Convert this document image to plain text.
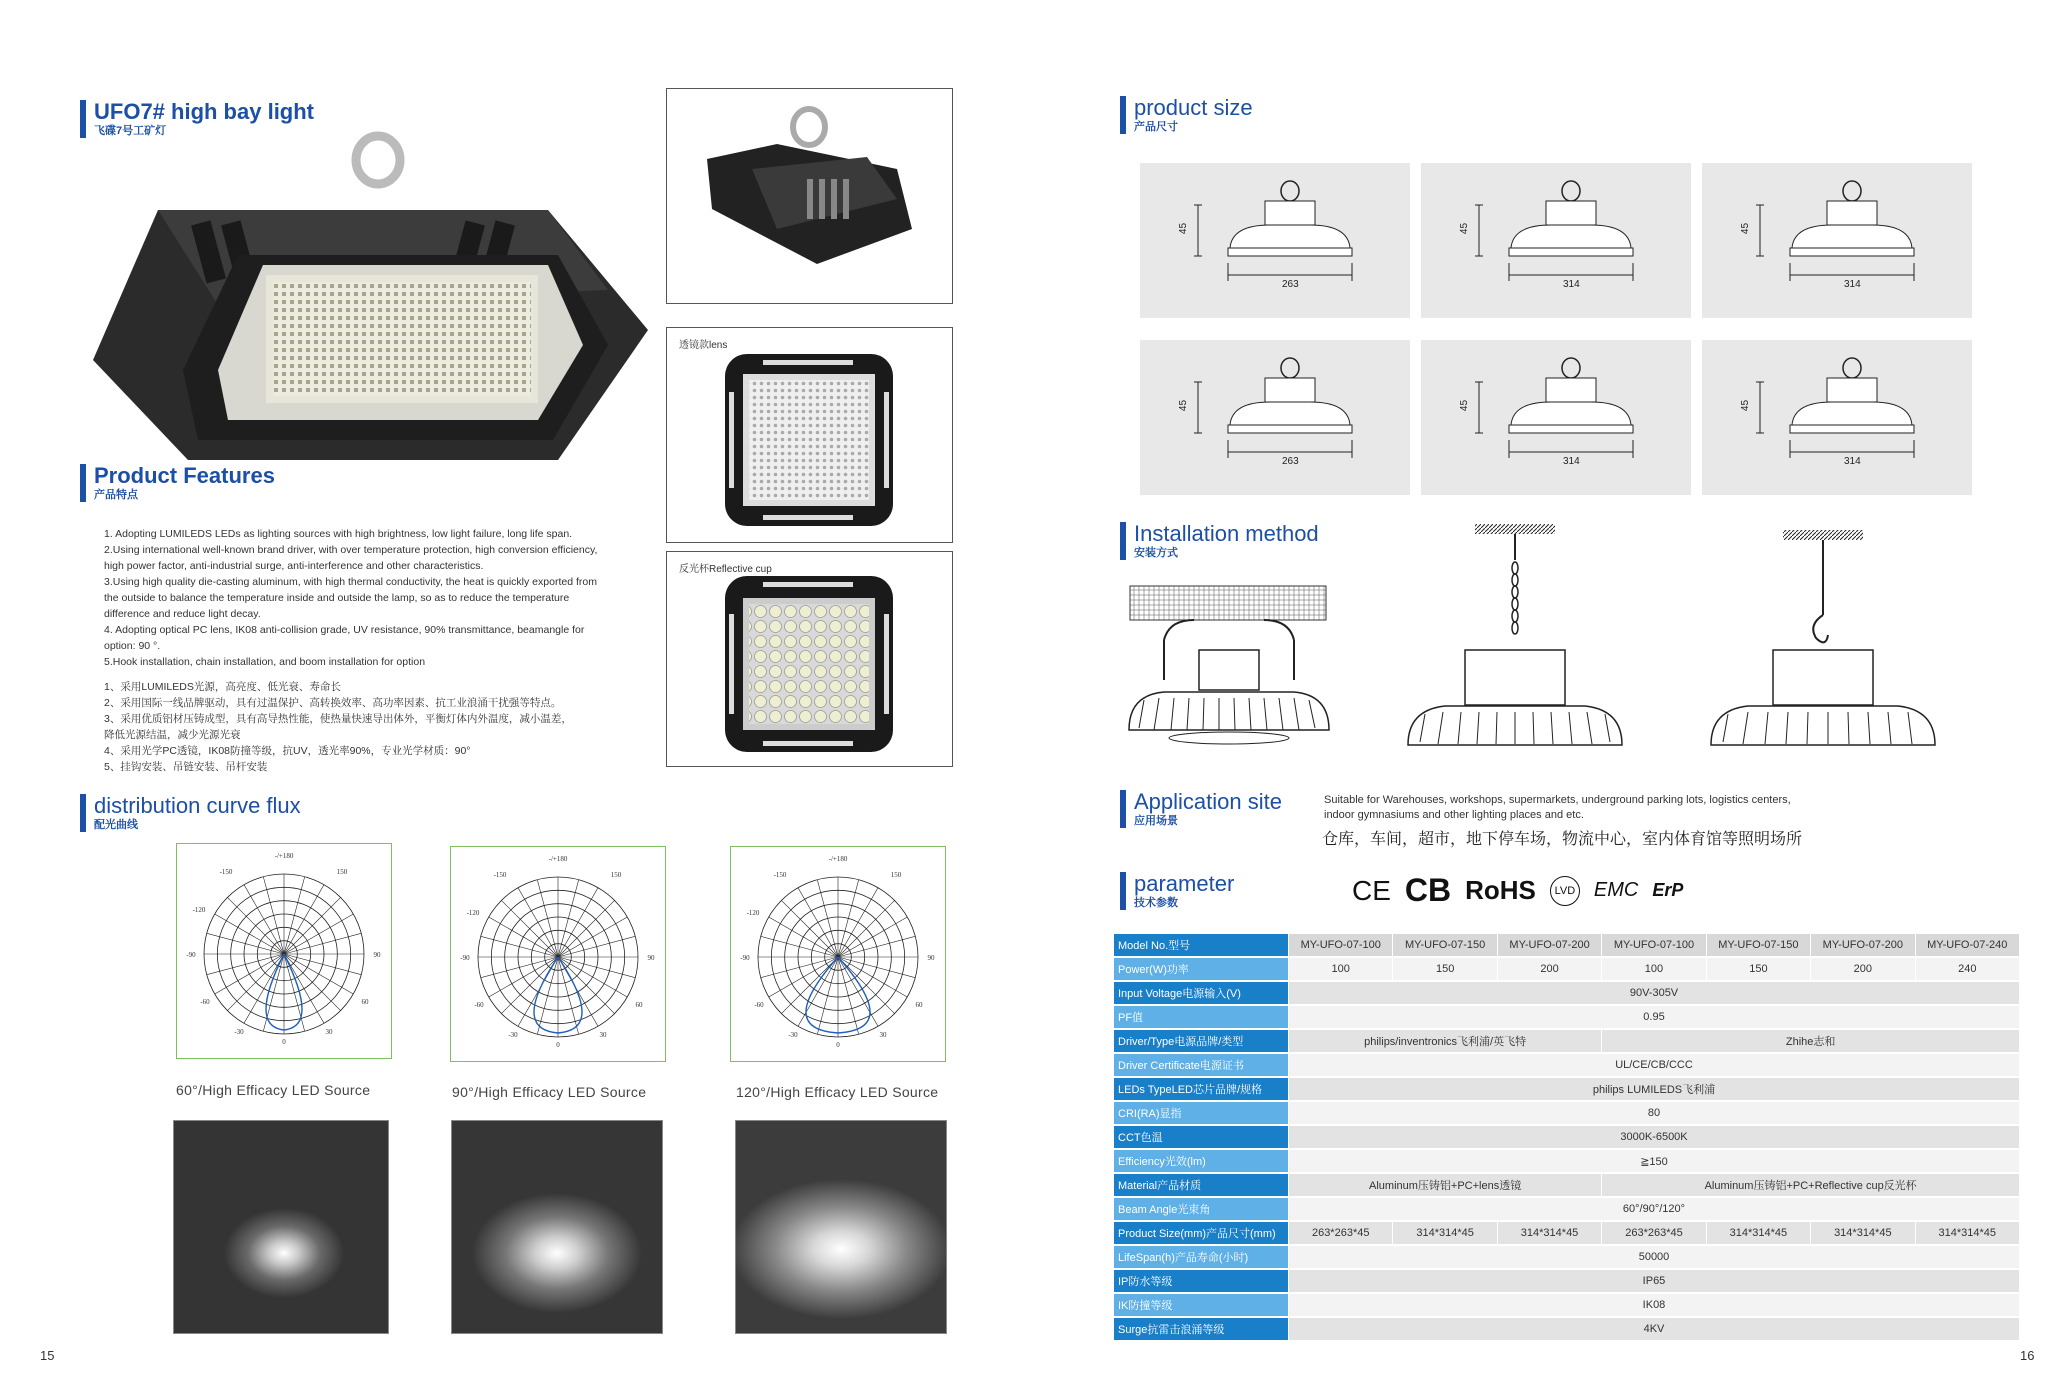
UFO7# high bay light
飞碟7号工矿灯
透镜款lens
反光杯Reflective cup
Product Features
产品特点
1. Adopting LUMILEDS LEDs as lighting sources with high brightness, low light failure, long life span.
2.Using international well-known brand driver, with over temperature protection, high conversion efficiency,
high power factor, anti-industrial surge, anti-interference and other characteristics.
3.Using high quality die-casting aluminum, with high thermal conductivity, the heat is quickly exported from
the outside to balance the temperature inside and outside the lamp, so as to reduce the temperature
difference and reduce light decay.
4. Adopting optical PC lens, IK08 anti-collision grade, UV resistance, 90% transmittance, beamangle for
option: 90 °.
5.Hook installation, chain installation, and boom installation for option
1、采用LUMILEDS光源，高亮度、低光衰、寿命长
2、采用国际一线品牌驱动，具有过温保护、高转换效率、高功率因素、抗工业浪涌干扰强等特点。
3、采用优质铝材压铸成型，具有高导热性能，使热量快速导出体外，平衡灯体内外温度，减小温差，
降低光源结温，减少光源光衰
4、采用光学PC透镜，IK08防撞等级，抗UV，透光率90%，专业光学材质：90°
5、挂钩安装、吊链安装、吊杆安装
distribution curve flux
配光曲线
-/+180
-150	150
-120
-90	90
-60	60
-30	30
0
-/+180
-150	150
-120
-90	90
-60	60
-30	30
0
-/+180
-150	150
-120
-90	90
-60	60
-30	30
0
60°/High Efficacy LED Source	90°/High Efficacy LED Source	120°/High Efficacy LED Source
15
product size
产品尺寸
263
45
314
45
314
45
263
45
314
45
314
45
Installation method
安装方式
Application site
应用场景
Suitable for Warehouses, workshops, supermarkets, underground parking lots, logistics centers,
indoor gymnasiums and other lighting places and etc.
仓库，车间，超市，地下停车场，物流中心，室内体育馆等照明场所
parameter
技术参数	CE CB RoHS	LVD EMC ErP
Model No.型号	MY-UFO-07-100	MY-UFO-07-150	MY-UFO-07-200	MY-UFO-07-100	MY-UFO-07-150	MY-UFO-07-200	MY-UFO-07-240
Power(W)功率	100	150	200	100	150	200	240
Input Voltage电源输入(V)	90V-305V						
PF值	0.95						
Driver/Type电源品牌/类型	philips/inventronics飞利浦/英飞特			Zhihe志和			
Driver Certificate电源证书	UL/CE/CB/CCC						
LEDs TypeLED芯片品牌/规格	philips LUMILEDS飞利浦						
CRI(RA)显指	80						
CCT色温	3000K-6500K						
Efficiency光效(lm)	≧150						
Material产品材质	Aluminum压铸铝+PC+lens透镜			Aluminum压铸铝+PC+Reflective cup反光杯			
Beam Angle光束角	60°/90°/120°						
Product Size(mm)产品尺寸(mm)	263*263*45	314*314*45	314*314*45	263*263*45	314*314*45	314*314*45	314*314*45
LifeSpan(h)产品寿命(小时)	50000						
IP防水等级	IP65						
IK防撞等级	IK08						
Surge抗雷击浪涌等级	4KV						
16
